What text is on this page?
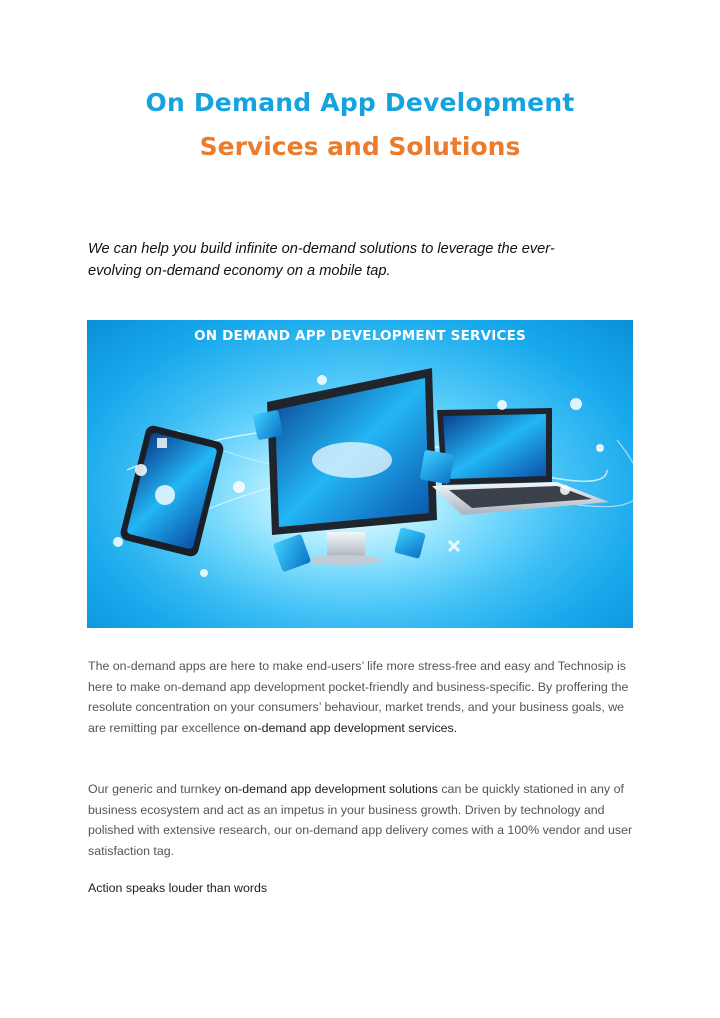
On Demand App Development
Services and Solutions
We can help you build infinite on-demand solutions to leverage the ever-
evolving on-demand economy on a mobile tap.
ON DEMAND APP DEVELOPMENT SERVICES
The on-demand apps are here to make end-users’ life more stress-free and easy and Technosip is here to make on-demand app development pocket-friendly and business-specific. By proffering the resolute concentration on your consumers’ behaviour, market trends, and your business goals, we are remitting par excellence on-demand app development services.
Our generic and turnkey on-demand app development solutions can be quickly stationed in any of business ecosystem and act as an impetus in your business growth. Driven by technology and polished with extensive research, our on-demand app delivery comes with a 100% vendor and user satisfaction tag.
Action speaks louder than words
